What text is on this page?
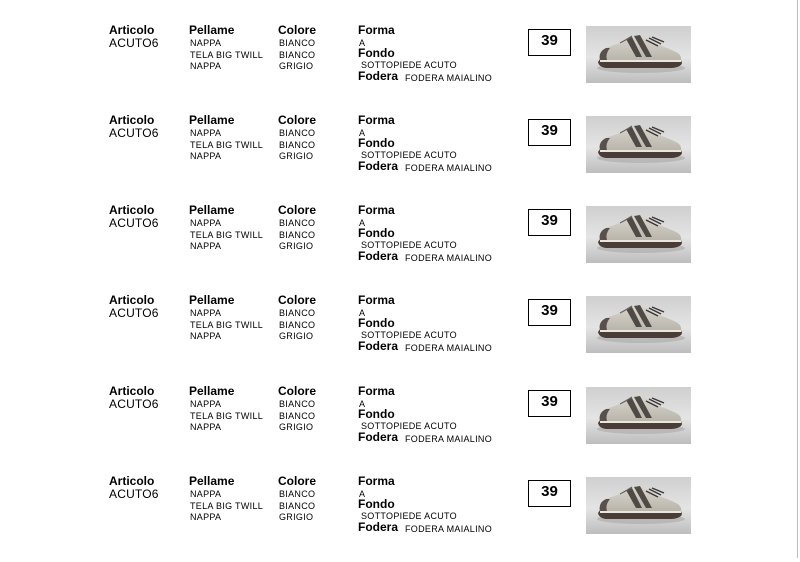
Articolo
ACUTO6
Pellame
NAPPA
TELA BIG TWILL
NAPPA
Colore
BIANCO
BIANCO
GRIGIO
Forma
A
Fondo
SOTTOPIEDE ACUTO
Fodera FODERA MAIALINO
39
Articolo
ACUTO6
Pellame
NAPPA
TELA BIG TWILL
NAPPA
Colore
BIANCO
BIANCO
GRIGIO
Forma
A
Fondo
SOTTOPIEDE ACUTO
Fodera FODERA MAIALINO
39
Articolo
ACUTO6
Pellame
NAPPA
TELA BIG TWILL
NAPPA
Colore
BIANCO
BIANCO
GRIGIO
Forma
A
Fondo
SOTTOPIEDE ACUTO
Fodera FODERA MAIALINO
39
Articolo
ACUTO6
Pellame
NAPPA
TELA BIG TWILL
NAPPA
Colore
BIANCO
BIANCO
GRIGIO
Forma
A
Fondo
SOTTOPIEDE ACUTO
Fodera FODERA MAIALINO
39
Articolo
ACUTO6
Pellame
NAPPA
TELA BIG TWILL
NAPPA
Colore
BIANCO
BIANCO
GRIGIO
Forma
A
Fondo
SOTTOPIEDE ACUTO
Fodera FODERA MAIALINO
39
Articolo
ACUTO6
Pellame
NAPPA
TELA BIG TWILL
NAPPA
Colore
BIANCO
BIANCO
GRIGIO
Forma
A
Fondo
SOTTOPIEDE ACUTO
Fodera FODERA MAIALINO
39
